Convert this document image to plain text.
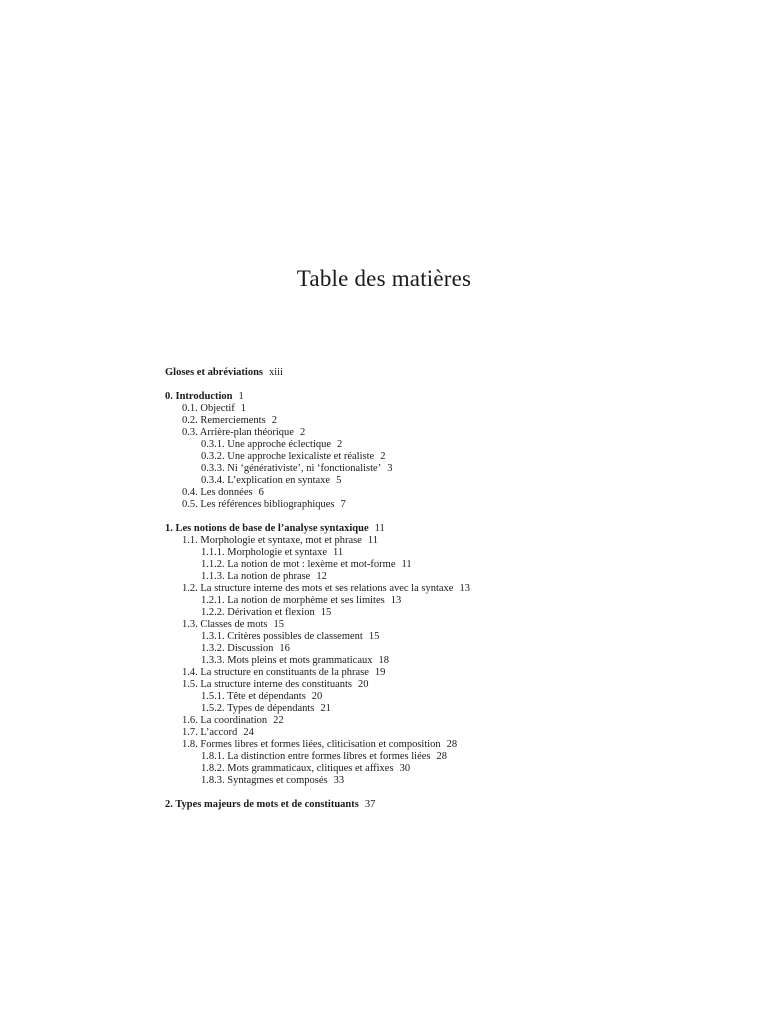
Table des matières
Gloses et abréviations xiii
0. Introduction 1
0.1. Objectif 1
0.2. Remerciements 2
0.3. Arrière-plan théorique 2
0.3.1. Une approche éclectique 2
0.3.2. Une approche lexicaliste et réaliste 2
0.3.3. Ni ‘générativiste’, ni ‘fonctionaliste’ 3
0.3.4. L’explication en syntaxe 5
0.4. Les données 6
0.5. Les références bibliographiques 7
1. Les notions de base de l’analyse syntaxique 11
1.1. Morphologie et syntaxe, mot et phrase 11
1.1.1. Morphologie et syntaxe 11
1.1.2. La notion de mot : lexème et mot-forme 11
1.1.3. La notion de phrase 12
1.2. La structure interne des mots et ses relations avec la syntaxe 13
1.2.1. La notion de morphème et ses limites 13
1.2.2. Dérivation et flexion 15
1.3. Classes de mots 15
1.3.1. Critères possibles de classement 15
1.3.2. Discussion 16
1.3.3. Mots pleins et mots grammaticaux 18
1.4. La structure en constituants de la phrase 19
1.5. La structure interne des constituants 20
1.5.1. Tête et dépendants 20
1.5.2. Types de dépendants 21
1.6. La coordination 22
1.7. L’accord 24
1.8. Formes libres et formes liées, cliticisation et composition 28
1.8.1. La distinction entre formes libres et formes liées 28
1.8.2. Mots grammaticaux, clitiques et affixes 30
1.8.3. Syntagmes et composés 33
2. Types majeurs de mots et de constituants 37
